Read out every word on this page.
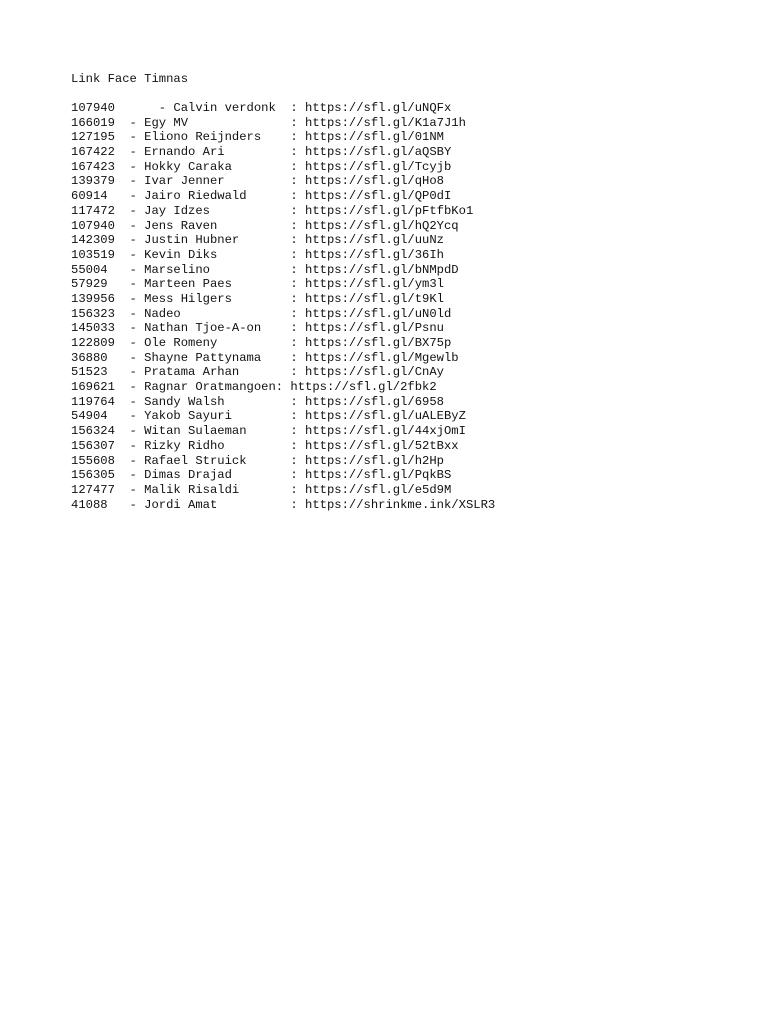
Link Face Timnas
107940      - Calvin verdonk  : https://sfl.gl/uNQFx
166019  - Egy MV              : https://sfl.gl/K1a7J1h
127195  - Eliono Reijnders    : https://sfl.gl/01NM
167422  - Ernando Ari         : https://sfl.gl/aQSBY
167423  - Hokky Caraka        : https://sfl.gl/Tcyjb
139379  - Ivar Jenner         : https://sfl.gl/qHo8
60914   - Jairo Riedwald      : https://sfl.gl/QP0dI
117472  - Jay Idzes           : https://sfl.gl/pFtfbKo1
107940  - Jens Raven          : https://sfl.gl/hQ2Ycq
142309  - Justin Hubner       : https://sfl.gl/uuNz
103519  - Kevin Diks          : https://sfl.gl/36Ih
55004   - Marselino           : https://sfl.gl/bNMpdD
57929   - Marteen Paes        : https://sfl.gl/ym3l
139956  - Mess Hilgers        : https://sfl.gl/t9Kl
156323  - Nadeo               : https://sfl.gl/uN0ld
145033  - Nathan Tjoe-A-on    : https://sfl.gl/Psnu
122809  - Ole Romeny          : https://sfl.gl/BX75p
36880   - Shayne Pattynama    : https://sfl.gl/Mgewlb
51523   - Pratama Arhan       : https://sfl.gl/CnAy
169621  - Ragnar Oratmangoen: https://sfl.gl/2fbk2
119764  - Sandy Walsh         : https://sfl.gl/6958
54904   - Yakob Sayuri        : https://sfl.gl/uALEByZ
156324  - Witan Sulaeman      : https://sfl.gl/44xjOmI
156307  - Rizky Ridho         : https://sfl.gl/52tBxx
155608  - Rafael Struick      : https://sfl.gl/h2Hp
156305  - Dimas Drajad        : https://sfl.gl/PqkBS
127477  - Malik Risaldi       : https://sfl.gl/e5d9M
41088   - Jordi Amat          : https://shrinkme.ink/XSLR3
